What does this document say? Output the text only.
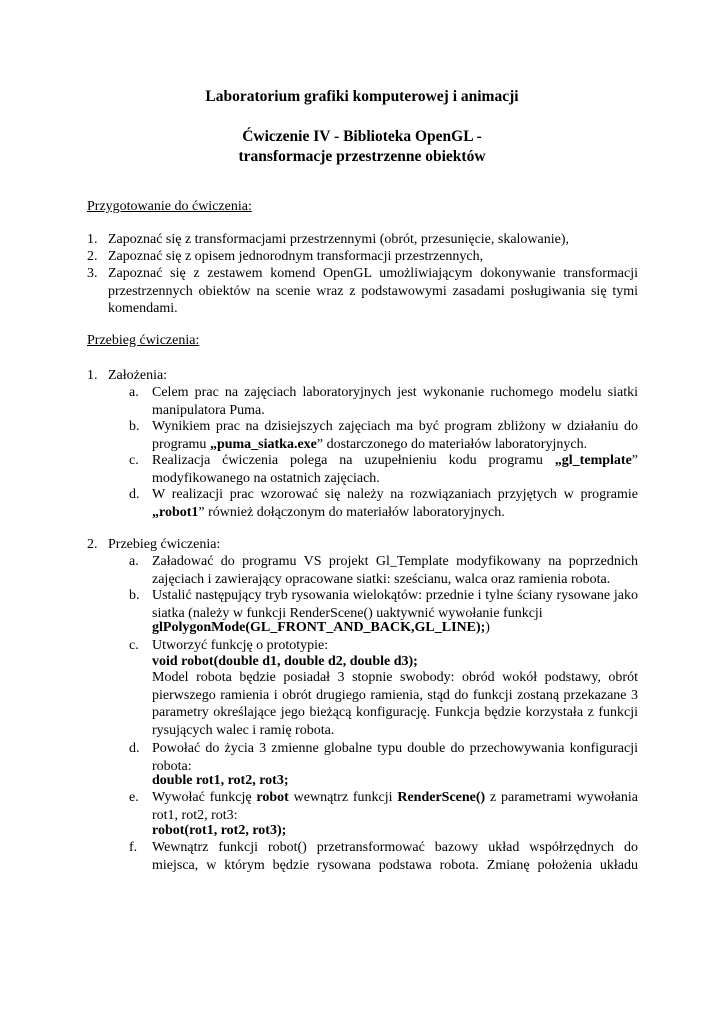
Laboratorium grafiki komputerowej i animacji
Ćwiczenie IV - Biblioteka OpenGL -
transformacje przestrzenne obiektów
Przygotowanie do ćwiczenia:
1. Zapoznać się z transformacjami przestrzennymi (obrót, przesunięcie, skalowanie),
2. Zapoznać się z opisem jednorodnym transformacji przestrzennych,
3. Zapoznać się z zestawem komend OpenGL umożliwiającym dokonywanie transformacji przestrzennych obiektów na scenie wraz z podstawowymi zasadami posługiwania się tymi komendami.
Przebieg ćwiczenia:
1. Założenia:
a. Celem prac na zajęciach laboratoryjnych jest wykonanie ruchomego modelu siatki manipulatora Puma.
b. Wynikiem prac na dzisiejszych zajęciach ma być program zbliżony w działaniu do programu „puma_siatka.exe” dostarczonego do materiałów laboratoryjnych.
c. Realizacja ćwiczenia polega na uzupełnieniu kodu programu „gl_template” modyfikowanego na ostatnich zajęciach.
d. W realizacji prac wzorować się należy na rozwiązaniach przyjętych w programie „robot1” również dołączonym do materiałów laboratoryjnych.
2. Przebieg ćwiczenia:
a. Załadować do programu VS projekt Gl_Template modyfikowany na poprzednich zajęciach i zawierający opracowane siatki: sześcianu, walca oraz ramienia robota.
b. Ustalić następujący tryb rysowania wielokątów: przednie i tylne ściany rysowane jako siatka (należy w funkcji RenderScene() uaktywnić wywołanie funkcji
glPolygonMode(GL_FRONT_AND_BACK,GL_LINE);)
c. Utworzyć funkcję o prototypie:
void robot(double d1, double d2, double d3);
Model robota będzie posiadał 3 stopnie swobody: obród wokół podstawy, obrót pierwszego ramienia i obrót drugiego ramienia, stąd do funkcji zostaną przekazane 3 parametry określające jego bieżącą konfigurację. Funkcja będzie korzystała z funkcji rysujących walec i ramię robota.
d. Powołać do życia 3 zmienne globalne typu double do przechowywania konfiguracji robota:
double rot1, rot2, rot3;
e. Wywołać funkcję robot wewnątrz funkcji RenderScene() z parametrami wywołania rot1, rot2, rot3:
robot(rot1, rot2, rot3);
f. Wewnątrz funkcji robot() przetransformować bazowy układ współrzędnych do miejsca, w którym będzie rysowana podstawa robota. Zmianę położenia układu
